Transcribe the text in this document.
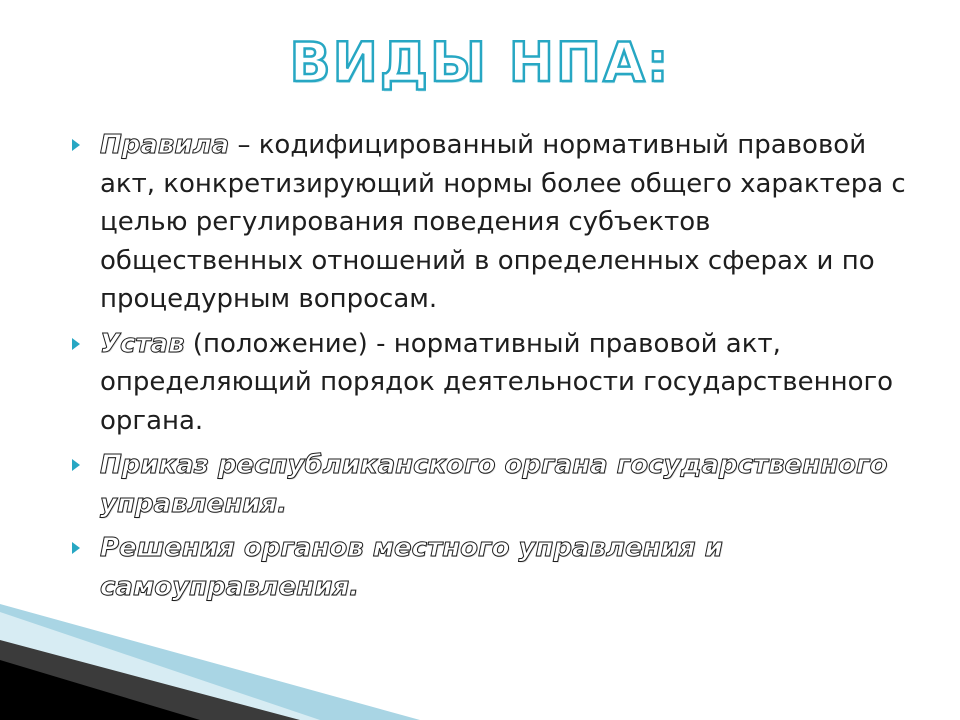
ВИДЫ НПА:
Правила – кодифицированный нормативный правовой акт, конкретизирующий нормы более общего характера с целью регулирования поведения субъектов общественных отношений в определенных сферах и по процедурным вопросам.
Устав (положение) - нормативный правовой акт, определяющий порядок деятельности государственного органа.
Приказ республиканского органа государственного управления.
Решения органов местного управления и самоуправления.
